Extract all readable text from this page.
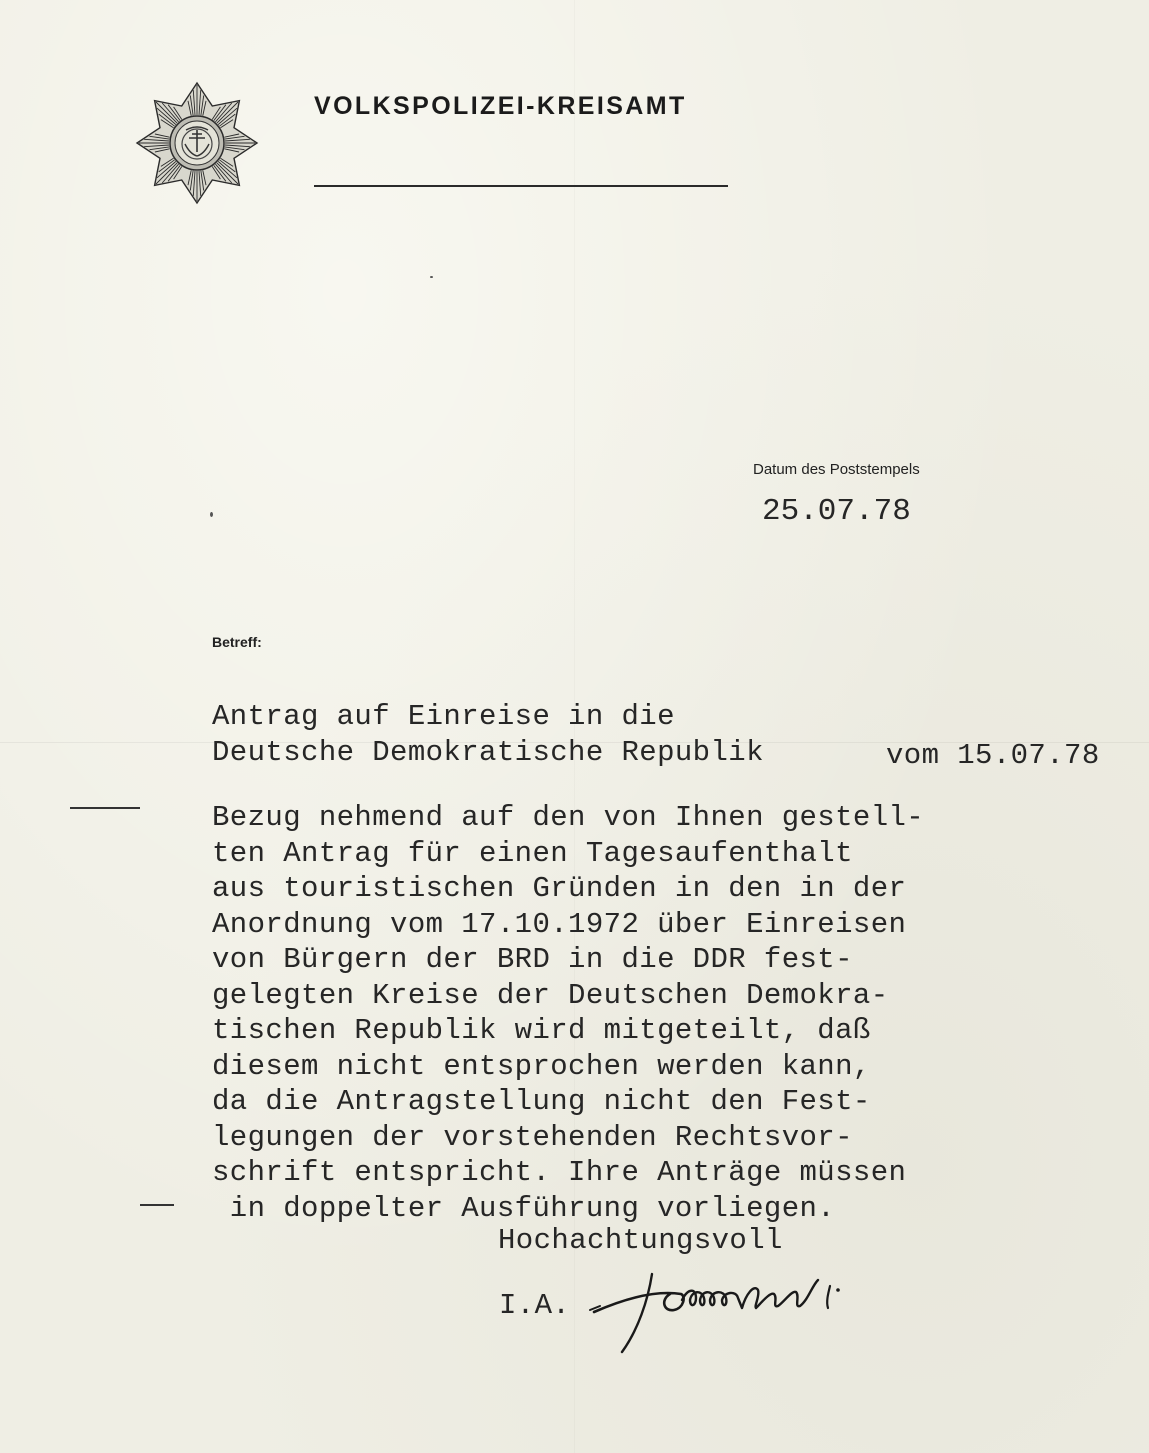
VOLKSPOLIZEI-KREISAMT
Datum des Poststempels
25.07.78
Betreff:
Antrag auf Einreise in die
Deutsche Demokratische Republik	vom 15.07.78
Bezug nehmend auf den von Ihnen gestell-
ten Antrag für einen Tagesaufenthalt
aus touristischen Gründen in den in der
Anordnung vom 17.10.1972 über Einreisen
von Bürgern der BRD in die DDR fest-
gelegten Kreise der Deutschen Demokra-
tischen Republik wird mitgeteilt, daß
diesem nicht entsprochen werden kann,
da die Antragstellung nicht den Fest-
legungen der vorstehenden Rechtsvor-
schrift entspricht. Ihre Anträge müssen
in doppelter Ausführung vorliegen.
Hochachtungsvoll
I.A.
